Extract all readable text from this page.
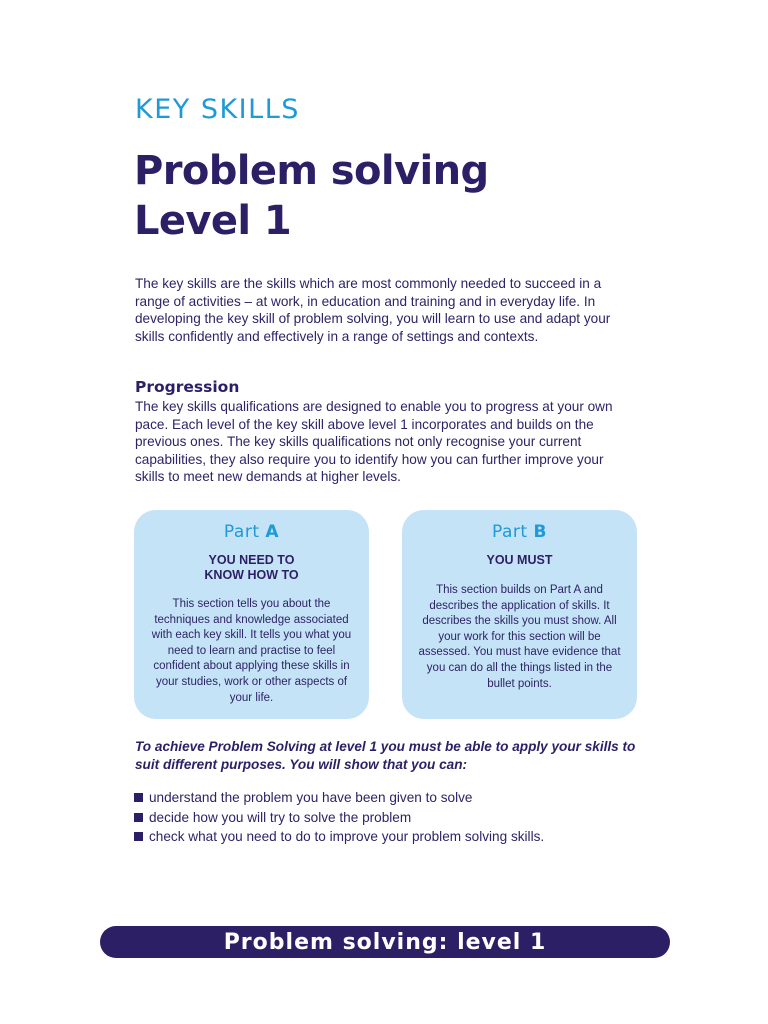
KEY SKILLS
Problem solving
Level 1

The key skills are the skills which are most commonly needed to succeed in a range of activities – at work, in education and training and in everyday life. In developing the key skill of problem solving, you will learn to use and adapt your skills confidently and effectively in a range of settings and contexts.

Progression

The key skills qualifications are designed to enable you to progress at your own pace. Each level of the key skill above level 1 incorporates and builds on the previous ones. The key skills qualifications not only recognise your current capabilities, they also require you to identify how you can further improve your skills to meet new demands at higher levels.

Part A
YOU NEED TO
KNOW HOW TO
This section tells you about the techniques and knowledge associated with each key skill. It tells you what you need to learn and practise to feel confident about applying these skills in your studies, work or other aspects of your life.
Part B
YOU MUST
This section builds on Part A and describes the application of skills. It describes the skills you must show. All your work for this section will be assessed. You must have evidence that you can do all the things listed in the bullet points.
To achieve Problem Solving at level 1 you must be able to apply your skills to suit different purposes. You will show that you can:
understand the problem you have been given to solve
decide how you will try to solve the problem
check what you need to do to improve your problem solving skills.
Problem solving: level 1
